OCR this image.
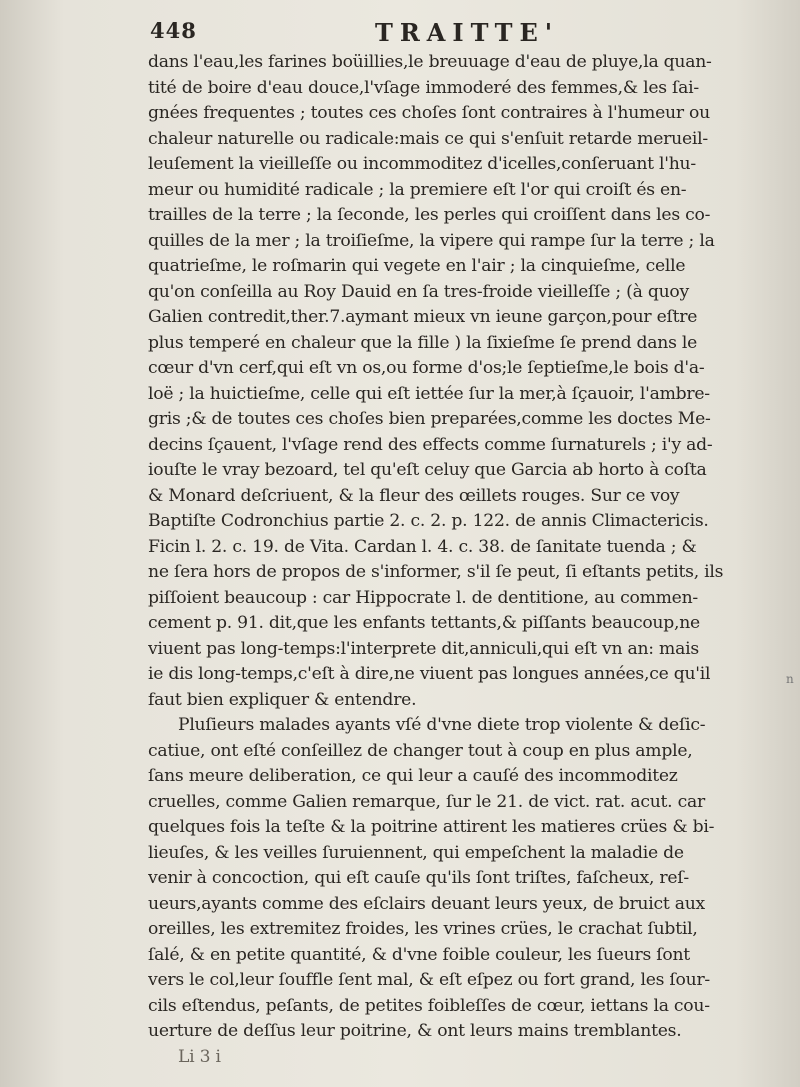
448	TRAITTE'
dans l'eau,les farines boüillies,le breuuage d'eau de pluye,la quan-
tité de boire d'eau douce,l'vſage immoderé des femmes,& les ſai-
gnées frequentes ; toutes ces choſes ſont contraires à l'humeur ou
chaleur naturelle ou radicale:mais ce qui s'enſuit retarde merueil-
leuſement la vieilleſſe ou incommoditez d'icelles,conſeruant l'hu-
meur ou humidité radicale ; la premiere eſt l'or qui croiſt és en-
trailles de la terre ; la ſeconde, les perles qui croiſſent dans les co-
quilles de la mer ; la troiſieſme, la vipere qui rampe ſur la terre ; la
quatrieſme, le roſmarin qui vegete en l'air ; la cinquieſme, celle
qu'on conſeilla au Roy Dauid en ſa tres-froide vieilleſſe ; (à quoy
Galien contredit,ther.7.aymant mieux vn ieune garçon,pour eſtre
plus temperé en chaleur que la fille ) la ſixieſme ſe prend dans le
cœur d'vn cerf,qui eſt vn os,ou forme d'os;le ſeptieſme,le bois d'a-
loë ; la huictieſme, celle qui eſt iettée ſur la mer,à ſçauoir, l'ambre-
gris ;& de toutes ces choſes bien preparées,comme les doctes Me-
decins ſçauent, l'vſage rend des effects comme ſurnaturels ; i'y ad-
iouſte le vray bezoard, tel qu'eſt celuy que Garcia ab horto à coſta
& Monard deſcriuent, & la fleur des œillets rouges. Sur ce voy
Baptiſte Codronchius partie 2. c. 2. p. 122. de annis Climactericis.
Ficin l. 2. c. 19. de Vita. Cardan l. 4. c. 38. de ſanitate tuenda ; &
ne ſera hors de propos de s'informer, s'il ſe peut, ſi eſtants petits, ils
piſſoient beaucoup : car Hippocrate l. de dentitione, au commen-
cement p. 91. dit,que les enfants tettants,& piſſants beaucoup,ne
viuent pas long-temps:l'interprete dit,anniculi,qui eſt vn an: mais
ie dis long-temps,c'eſt à dire,ne viuent pas longues années,ce qu'il
faut bien expliquer & entendre.
Pluſieurs malades ayants vſé d'vne diete trop violente & deſic-
catiue, ont eſté conſeillez de changer tout à coup en plus ample,
ſans meure deliberation, ce qui leur a cauſé des incommoditez
cruelles, comme Galien remarque, ſur le 21. de vict. rat. acut. car
quelques fois la teſte & la poitrine attirent les matieres crües & bi-
lieuſes, & les veilles ſuruiennent, qui empeſchent la maladie de
venir à concoction, qui eſt cauſe qu'ils ſont triſtes, faſcheux, reſ-
ueurs,ayants comme des eſclairs deuant leurs yeux, de bruict aux
oreilles, les extremitez froides, les vrines crües, le crachat ſubtil,
ſalé, & en petite quantité, & d'vne foible couleur, les ſueurs ſont
vers le col,leur ſouffle ſent mal, & eſt eſpez ou fort grand, les ſour-
cils eſtendus, peſants, de petites foibleſſes de cœur, iettans la cou-
uerture de deſſus leur poitrine, & ont leurs mains tremblantes.
Li 3 i
n
